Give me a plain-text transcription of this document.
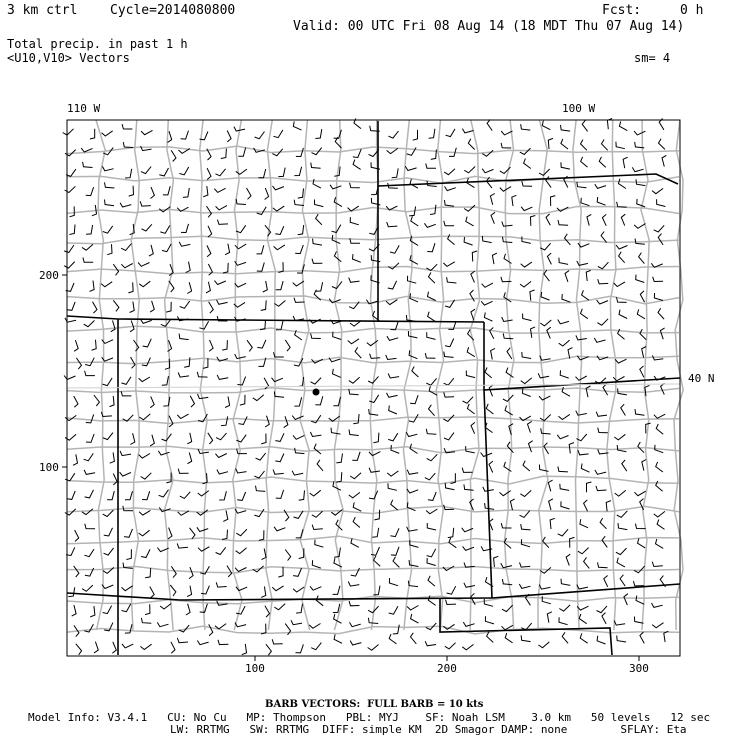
3 km ctrl	Cycle=2014080800	Fcst:	0 h
Valid: 00 UTC Fri 08 Aug 14 (18 MDT Thu 07 Aug 14)
Total precip. in past 1 h
<U10,V10> Vectors	sm= 4
110 W	100 W
40 N
200
100
100	200	300
BARB VECTORS:  FULL BARB = 10 kts
Model Info: V3.4.1   CU: No Cu   MP: Thompson   PBL: MYJ    SF: Noah LSM    3.0 km   50 levels   12 sec
LW: RRTMG   SW: RRTMG  DIFF: simple KM  2D Smagor DAMP: none        SFLAY: Eta
